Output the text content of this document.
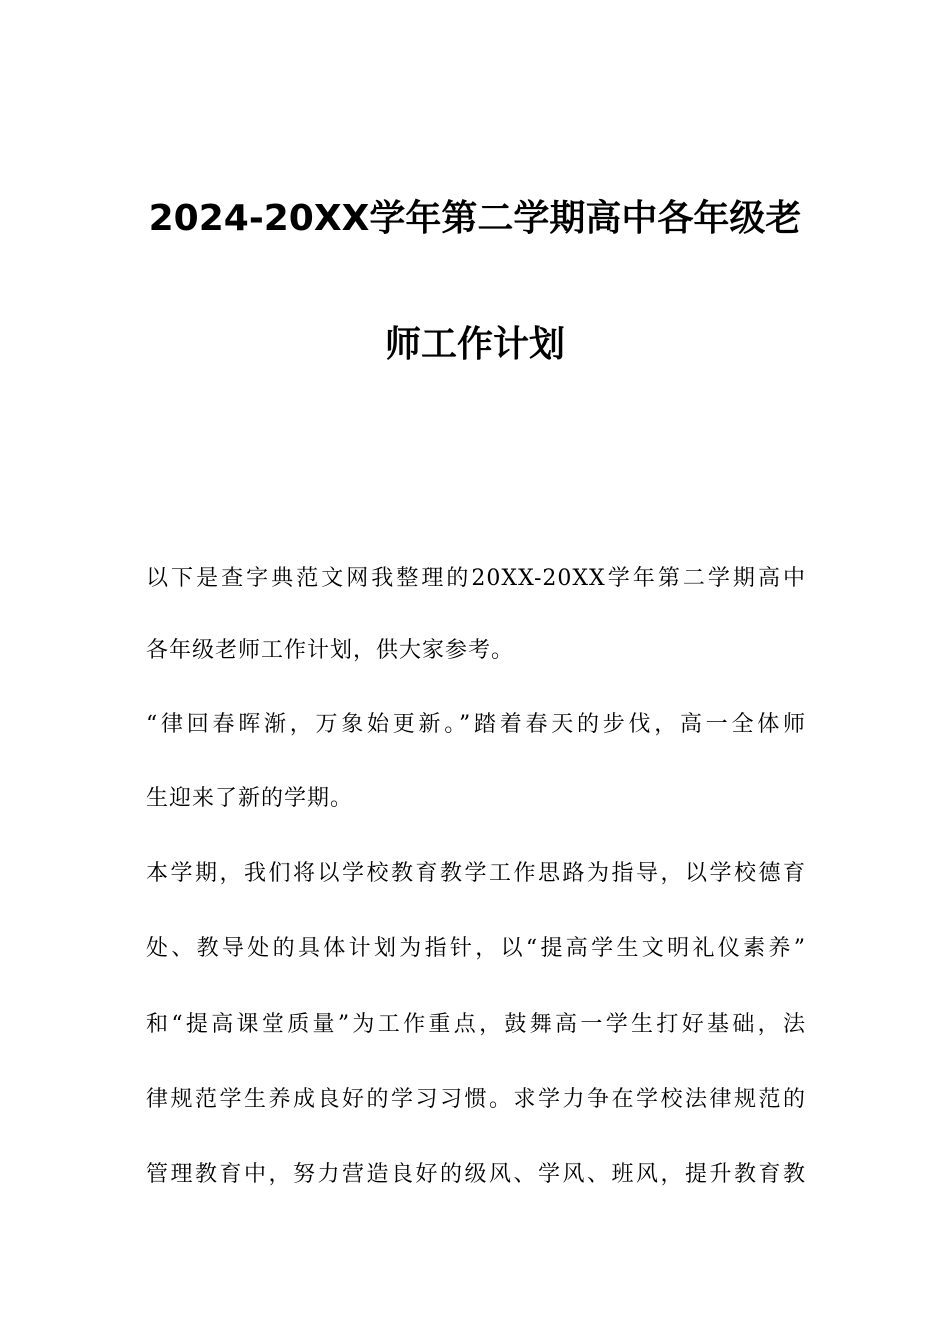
2024-20XX学年第二学期高中各年级老
师工作计划
以下是查字典范文网我整理的20XX-20XX学年第二学期高中
各年级老师工作计划，供大家参考。
“律回春晖渐，万象始更新。”踏着春天的步伐，高一全体师
生迎来了新的学期。
本学期，我们将以学校教育教学工作思路为指导，以学校德育
处、教导处的具体计划为指针，以“提高学生文明礼仪素养”
和“提高课堂质量”为工作重点，鼓舞高一学生打好基础，法
律规范学生养成良好的学习习惯。求学力争在学校法律规范的
管理教育中，努力营造良好的级风、学风、班风，提升教育教
